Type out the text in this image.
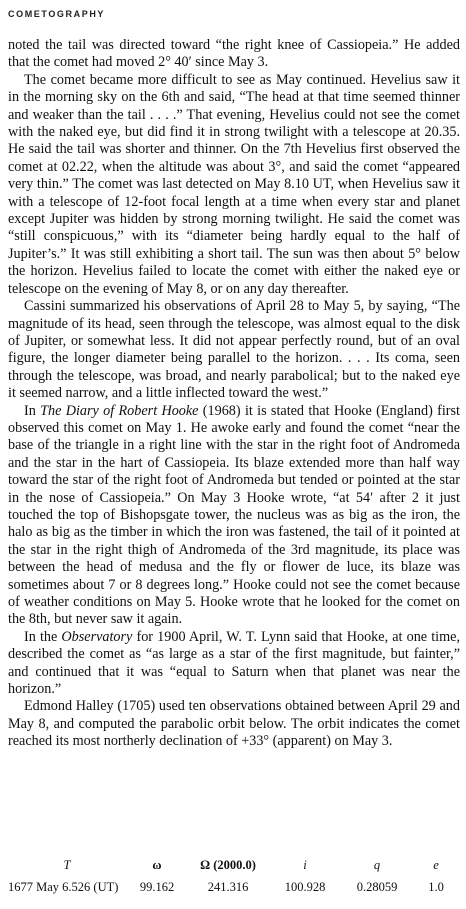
COMETOGRAPHY

noted the tail was directed toward “the right knee of Cassiopeia.” He added that the comet had moved 2° 40′ since May 3.

The comet became more difficult to see as May continued. Hevelius saw it in the morning sky on the 6th and said, “The head at that time seemed thinner and weaker than the tail . . . .” That evening, Hevelius could not see the comet with the naked eye, but did find it in strong twilight with a telescope at 20.35. He said the tail was shorter and thinner. On the 7th Hevelius first observed the comet at 02.22, when the altitude was about 3°, and said the comet “appeared very thin.” The comet was last detected on May 8.10 UT, when Hevelius saw it with a telescope of 12-foot focal length at a time when every star and planet except Jupiter was hidden by strong morning twilight. He said the comet was “still conspicuous,” with its “diameter being hardly equal to the half of Jupiter’s.” It was still exhibiting a short tail. The sun was then about 5° below the horizon. Hevelius failed to locate the comet with either the naked eye or telescope on the evening of May 8, or on any day thereafter.

Cassini summarized his observations of April 28 to May 5, by saying, “The magnitude of its head, seen through the telescope, was almost equal to the disk of Jupiter, or somewhat less. It did not appear perfectly round, but of an oval figure, the longer diameter being parallel to the horizon. . . . Its coma, seen through the telescope, was broad, and nearly parabolical; but to the naked eye it seemed narrow, and a little inflected toward the west.”

In The Diary of Robert Hooke (1968) it is stated that Hooke (England) first observed this comet on May 1. He awoke early and found the comet “near the base of the triangle in a right line with the star in the right foot of Andromeda and the star in the hart of Cassiopeia. Its blaze extended more than half way toward the star of the right foot of Andromeda but tended or pointed at the star in the nose of Cassiopeia.” On May 3 Hooke wrote, “at 54′ after 2 it just touched the top of Bishopsgate tower, the nucleus was as big as the iron, the halo as big as the timber in which the iron was fastened, the tail of it pointed at the star in the right thigh of Andromeda of the 3rd magnitude, its place was between the head of medusa and the fly or flower de luce, its blaze was sometimes about 7 or 8 degrees long.” Hooke could not see the comet because of weather conditions on May 5. Hooke wrote that he looked for the comet on the 8th, but never saw it again.

In the Observatory for 1900 April, W. T. Lynn said that Hooke, at one time, described the comet as “as large as a star of the first magnitude, but fainter,” and continued that it was “equal to Saturn when that planet was near the horizon.”

Edmond Halley (1705) used ten observations obtained between April 29 and May 8, and computed the parabolic orbit below. The orbit indicates the comet reached its most northerly declination of +33° (apparent) on May 3.

T	ω	Ω (2000.0)	i	q	e
1677 May 6.526 (UT)	99.162	241.316	100.928	0.28059	1.0
